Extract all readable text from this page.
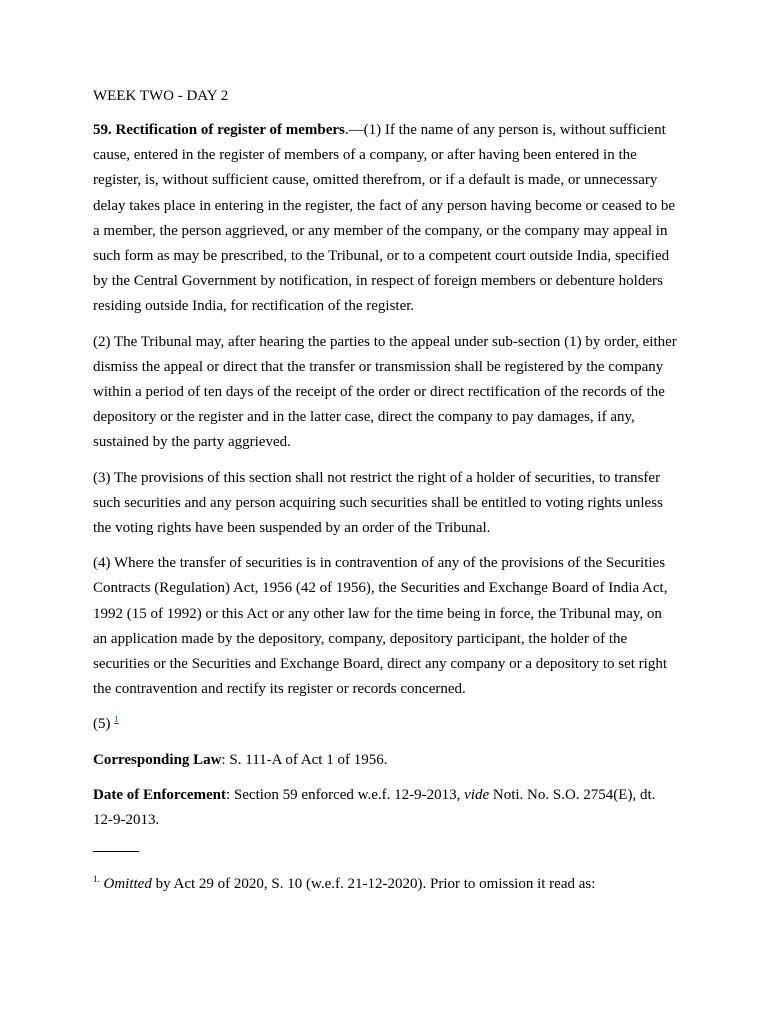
WEEK TWO - DAY 2

59. Rectification of register of members.—(1) If the name of any person is, without sufficient cause, entered in the register of members of a company, or after having been entered in the register, is, without sufficient cause, omitted therefrom, or if a default is made, or unnecessary delay takes place in entering in the register, the fact of any person having become or ceased to be a member, the person aggrieved, or any member of the company, or the company may appeal in such form as may be prescribed, to the Tribunal, or to a competent court outside India, specified by the Central Government by notification, in respect of foreign members or debenture holders residing outside India, for rectification of the register.

(2) The Tribunal may, after hearing the parties to the appeal under sub-section (1) by order, either dismiss the appeal or direct that the transfer or transmission shall be registered by the company within a period of ten days of the receipt of the order or direct rectification of the records of the depository or the register and in the latter case, direct the company to pay damages, if any, sustained by the party aggrieved.

(3) The provisions of this section shall not restrict the right of a holder of securities, to transfer such securities and any person acquiring such securities shall be entitled to voting rights unless the voting rights have been suspended by an order of the Tribunal.

(4) Where the transfer of securities is in contravention of any of the provisions of the Securities Contracts (Regulation) Act, 1956 (42 of 1956), the Securities and Exchange Board of India Act, 1992 (15 of 1992) or this Act or any other law for the time being in force, the Tribunal may, on an application made by the depository, company, depository participant, the holder of the securities or the Securities and Exchange Board, direct any company or a depository to set right the contravention and rectify its register or records concerned.

(5) $^1$

Corresponding Law: S. 111-A of Act 1 of 1956.

Date of Enforcement: Section 59 enforced w.e.f. 12-9-2013, vide Noti. No. S.O. 2754(E), dt. 12-9-2013.

$^{1.}$ Omitted by Act 29 of 2020, S. 10 (w.e.f. 21-12-2020). Prior to omission it read as:
